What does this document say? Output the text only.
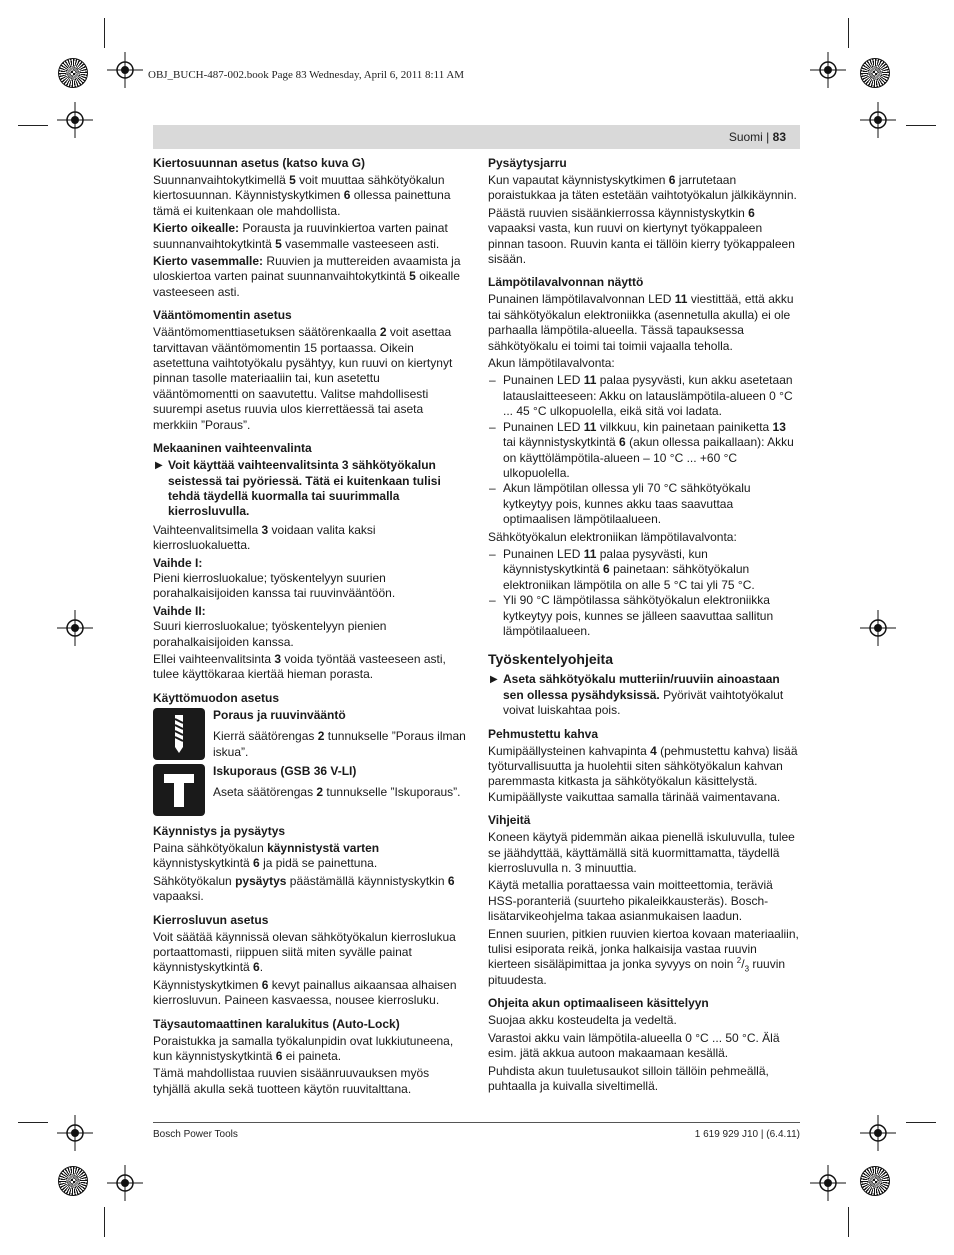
OBJ_BUCH-487-002.book Page 83 Wednesday, April 6, 2011 8:11 AM
Suomi | 83
Kiertosuunnan asetus (katso kuva G)

Suunnanvaihtokytkimellä 5 voit muuttaa sähkötyökalun kiertosuunnan. Käynnistyskytkimen 6 ollessa painettuna tämä ei kuitenkaan ole mahdollista.

Kierto oikealle: Porausta ja ruuvinkiertoa varten painat suunnanvaihtokytkintä 5 vasemmalle vasteeseen asti.

Kierto vasemmalle: Ruuvien ja muttereiden avaamista ja uloskiertoa varten painat suunnanvaihtokytkintä 5 oikealle vasteeseen asti.

Vääntömomentin asetus

Vääntömomenttiasetuksen säätörenkaalla 2 voit asettaa tarvittavan vääntömomentin 15 portaassa. Oikein asetettuna vaihtotyökalu pysähtyy, kun ruuvi on kiertynyt pinnan tasolle materiaaliin tai, kun asetettu vääntömomentti on saavutettu. Valitse mahdollisesti suurempi asetus ruuvia ulos kierrettäessä tai aseta merkkiin ”Poraus”.

Mekaaninen vaihteenvalinta
▶ Voit käyttää vaihteenvalitsinta 3 sähkötyökalun seistessä tai pyöriessä. Tätä ei kuitenkaan tulisi tehdä täydellä kuormalla tai suurimmalla kierrosluvulla.

Vaihteenvalitsimella 3 voidaan valita kaksi kierrosluokaluetta.

Vaihde I:

Pieni kierrosluokalue; työskentelyyn suurien porahalkaisijoiden kanssa tai ruuvinvääntöön.

Vaihde II:

Suuri kierrosluokalue; työskentelyyn pienien porahalkaisijoiden kanssa.

Ellei vaihteenvalitsinta 3 voida työntää vasteeseen asti, tulee käyttökaraa kiertää hieman porasta.

Käyttömuodon asetus
Poraus ja ruuvinvääntö
Kierrä säätörengas 2 tunnukselle ”Poraus ilman iskua”.
Iskuporaus (GSB 36 V-LI)
Aseta säätörengas 2 tunnukselle ”Iskuporaus”.
Käynnistys ja pysäytys

Paina sähkötyökalun käynnistystä varten käynnistyskytkintä 6 ja pidä se painettuna.

Sähkötyökalun pysäytys päästämällä käynnistyskytkin 6 vapaaksi.

Kierrosluvun asetus

Voit säätää käynnissä olevan sähkötyökalun kierroslukua portaattomasti, riippuen siitä miten syvälle painat käynnistyskytkintä 6.

Käynnistyskytkimen 6 kevyt painallus aikaansaa alhaisen kierrosluvun. Paineen kasvaessa, nousee kierrosluku.

Täysautomaattinen karalukitus (Auto-Lock)

Poraistukka ja samalla työkalunpidin ovat lukkiutuneena, kun käynnistyskytkintä 6 ei paineta.

Tämä mahdollistaa ruuvien sisäänruuvauksen myös tyhjällä akulla sekä tuotteen käytön ruuvitalttana.

Pysäytysjarru

Kun vapautat käynnistyskytkimen 6 jarrutetaan poraistukkaa ja täten estetään vaihtotyökalun jälkikäynnin.

Päästä ruuvien sisäänkierrossa käynnistyskytkin 6 vapaaksi vasta, kun ruuvi on kiertynyt työkappaleen pinnan tasoon. Ruuvin kanta ei tällöin kierry työkappaleen sisään.

Lämpötilavalvonnan näyttö

Punainen lämpötilavalvonnan LED 11 viestittää, että akku tai sähkötyökalun elektroniikka (asennetulla akulla) ei ole parhaalla lämpötila-alueella. Tässä tapauksessa sähkötyökalu ei toimi tai toimii vajaalla teholla.

Akun lämpötilavalvonta:

– Punainen LED 11 palaa pysyvästi, kun akku asetetaan latauslaitteeseen: Akku on latauslämpötila-alueen 0 °C ... 45 °C ulkopuolella, eikä sitä voi ladata.
– Punainen LED 11 vilkkuu, kin painetaan painiketta 13 tai käynnistyskytkintä 6 (akun ollessa paikallaan): Akku on käyttölämpötila-alueen – 10 °C ... +60 °C ulkopuolella.
– Akun lämpötilan ollessa yli 70 °C sähkötyökalu kytkeytyy pois, kunnes akku taas saavuttaa optimaalisen lämpötilaalueen.

Sähkötyökalun elektroniikan lämpötilavalvonta:

– Punainen LED 11 palaa pysyvästi, kun käynnistyskytkintä 6 painetaan: sähkötyökalun elektroniikan lämpötila on alle 5 °C tai yli 75 °C.
– Yli 90 °C lämpötilassa sähkötyökalun elektroniikka kytkeytyy pois, kunnes se jälleen saavuttaa sallitun lämpötilaalueen.
Työskentelyohjeita
▶ Aseta sähkötyökalu mutteriin/ruuviin ainoastaan sen ollessa pysähdyksissä. Pyörivät vaihtotyökalut voivat luiskahtaa pois.
Pehmustettu kahva

Kumipäällysteinen kahvapinta 4 (pehmustettu kahva) lisää työturvallisuutta ja huolehtii siten sähkötyökalun kahvan paremmasta kitkasta ja sähkötyökalun käsittelystä. Kumipäällyste vaikuttaa samalla tärinää vaimentavana.

Vihjeitä

Koneen käytyä pidemmän aikaa pienellä iskuluvulla, tulee se jäähdyttää, käyttämällä sitä kuormittamatta, täydellä kierrosluvulla n. 3 minuuttia.

Käytä metallia porattaessa vain moitteettomia, teräviä HSS-poranteriä (suurteho pikaleikkausteräs). Bosch-lisätarvikeohjelma takaa asianmukaisen laadun.

Ennen suurien, pitkien ruuvien kiertoa kovaan materiaaliin, tulisi esiporata reikä, jonka halkaisija vastaa ruuvin kierteen sisäläpimittaa ja jonka syvyys on noin $^2/_3$ ruuvin pituudesta.

Ohjeita akun optimaaliseen käsittelyyn

Suojaa akku kosteudelta ja vedeltä.

Varastoi akku vain lämpötila-alueella 0 °C ... 50 °C. Älä esim. jätä akkua autoon makaamaan kesällä.

Puhdista akun tuuletusaukot silloin tällöin pehmeällä, puhtaalla ja kuivalla siveltimellä.

Bosch Power Tools	1 619 929 J10 | (6.4.11)
